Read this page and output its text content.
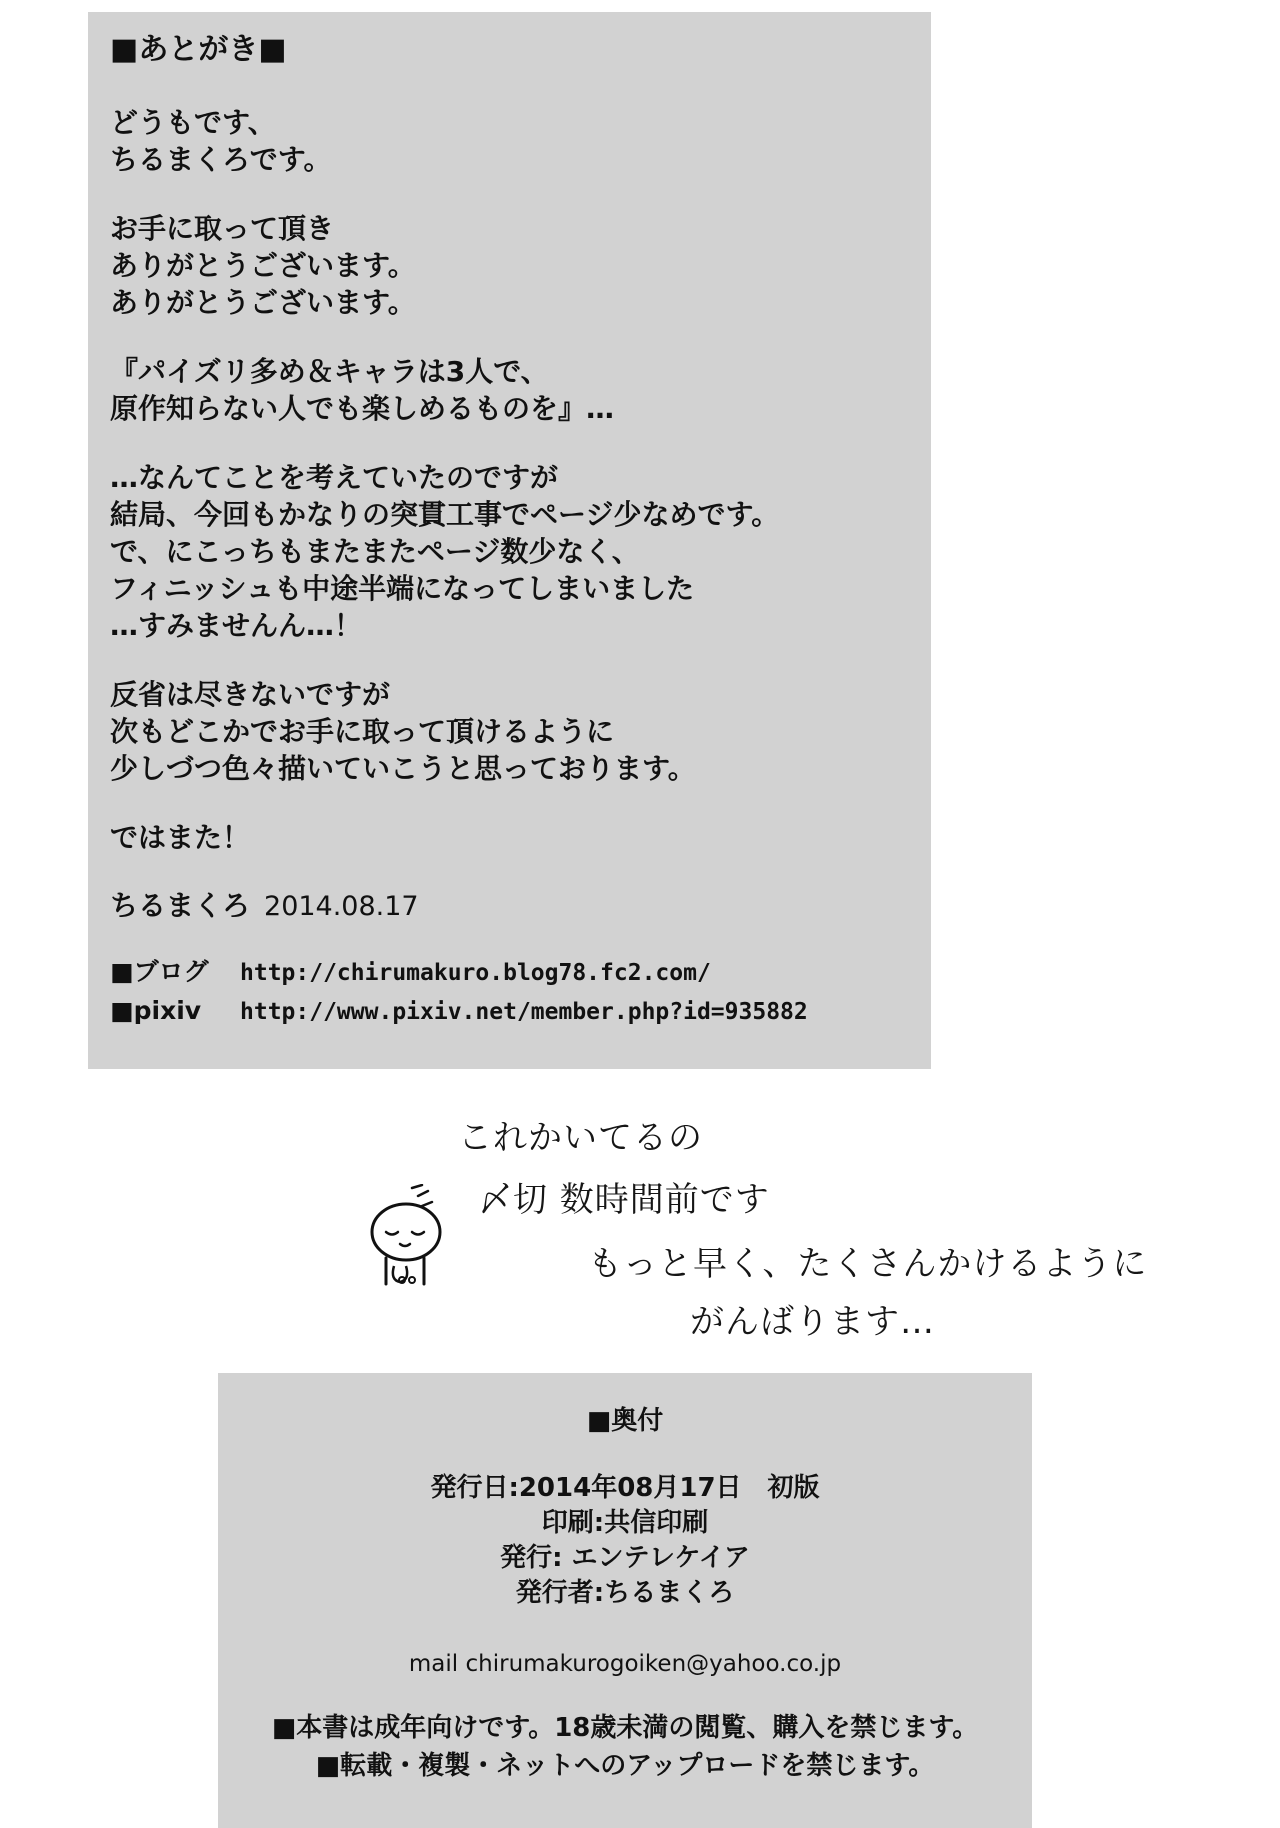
■あとがき■
どうもです、
ちるまくろです。
お手に取って頂き
ありがとうございます。
ありがとうございます。
『パイズリ多め＆キャラは3人で、
原作知らない人でも楽しめるものを』…
…なんてことを考えていたのですが
結局、今回もかなりの突貫工事でページ少なめです。
で、にこっちもまたまたページ数少なく、
フィニッシュも中途半端になってしまいました
…すみませんん…！
反省は尽きないですが
次もどこかでお手に取って頂けるように
少しづつ色々描いていこうと思っております。
ではまた！
ちるまくろ 2014.08.17
■ブログ http://chirumakuro.blog78.fc2.com/
■pixiv http://www.pixiv.net/member.php?id=935882
これかいてるの
〆切 数時間前です
もっと早く、たくさんかけるように
がんばります…
■奥付
発行日:2014年08月17日　初版
印刷:共信印刷
発行: エンテレケイア
発行者:ちるまくろ
mail chirumakurogoiken@yahoo.co.jp
■本書は成年向けです。18歳未満の閲覧、購入を禁じます。
■転載・複製・ネットへのアップロードを禁じます。
